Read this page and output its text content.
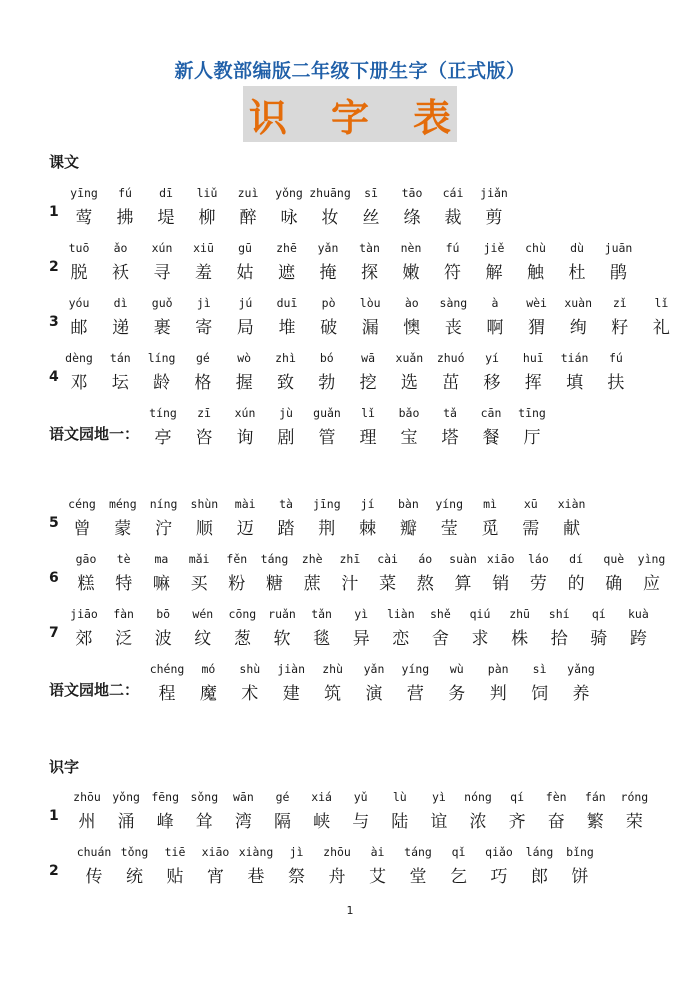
新人教部编版二年级下册生字（正式版）
识 字 表
课文
识字
1
yīng
莺
fú
拂
dī
堤
liǔ
柳
zuì
醉
yǒng
咏
zhuāng
妆
sī
丝
tāo
绦
cái
裁
jiǎn
剪
2
tuō
脱
ǎo
袄
xún
寻
xiū
羞
gū
姑
zhē
遮
yǎn
掩
tàn
探
nèn
嫩
fú
符
jiě
解
chù
触
dù
杜
juān
鹃
3
yóu
邮
dì
递
guǒ
裹
jì
寄
jú
局
duī
堆
pò
破
lòu
漏
ào
懊
sàng
丧
à
啊
wèi
猬
xuàn
绚
zǐ
籽
lǐ
礼
4
dèng
邓
tán
坛
líng
龄
gé
格
wò
握
zhì
致
bó
勃
wā
挖
xuǎn
选
zhuó
茁
yí
移
huī
挥
tián
填
fú
扶
语文园地一：
tíng
亭
zī
咨
xún
询
jù
剧
guǎn
管
lǐ
理
bǎo
宝
tǎ
塔
cān
餐
tīng
厅
5
céng
曾
méng
蒙
níng
泞
shùn
顺
mài
迈
tà
踏
jīng
荆
jí
棘
bàn
瓣
yíng
莹
mì
觅
xū
需
xiàn
献
6
gāo
糕
tè
特
ma
嘛
mǎi
买
fěn
粉
táng
糖
zhè
蔗
zhī
汁
cài
菜
áo
熬
suàn
算
xiāo
销
láo
劳
dí
的
què
确
yìng
应
7
jiāo
郊
fàn
泛
bō
波
wén
纹
cōng
葱
ruǎn
软
tǎn
毯
yì
异
liàn
恋
shě
舍
qiú
求
zhū
株
shí
拾
qí
骑
kuà
跨
语文园地二：
chéng
程
mó
魔
shù
术
jiàn
建
zhù
筑
yǎn
演
yíng
营
wù
务
pàn
判
sì
饲
yǎng
养
1
zhōu
州
yǒng
涌
fēng
峰
sǒng
耸
wān
湾
gé
隔
xiá
峡
yǔ
与
lù
陆
yì
谊
nóng
浓
qí
齐
fèn
奋
fán
繁
róng
荣
2
chuán
传
tǒng
统
tiē
贴
xiāo
宵
xiàng
巷
jì
祭
zhōu
舟
ài
艾
táng
堂
qǐ
乞
qiǎo
巧
láng
郎
bǐng
饼
1
